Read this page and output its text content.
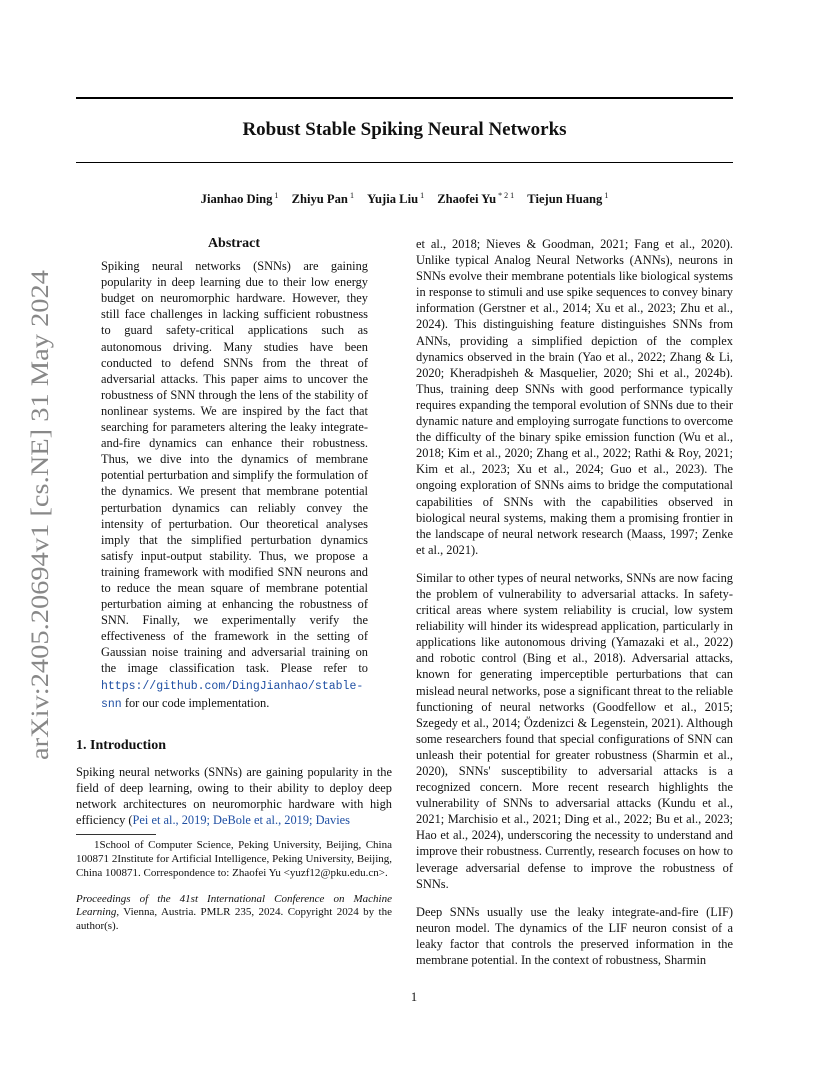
arXiv:2405.20694v1 [cs.NE] 31 May 2024
Robust Stable Spiking Neural Networks
Jianhao Ding $^1$ Zhiyu Pan $^1$ Yujia Liu $^1$ Zhaofei Yu $^{* 2 1}$ Tiejun Huang $^1$
Abstract

Spiking neural networks (SNNs) are gaining popularity in deep learning due to their low energy budget on neuromorphic hardware. However, they still face challenges in lacking sufficient robustness to guard safety-critical applications such as autonomous driving. Many studies have been conducted to defend SNNs from the threat of adversarial attacks. This paper aims to uncover the robustness of SNN through the lens of the stability of nonlinear systems. We are inspired by the fact that searching for parameters altering the leaky integrate-and-fire dynamics can enhance their robustness. Thus, we dive into the dynamics of membrane potential perturbation and simplify the formulation of the dynamics. We present that membrane potential perturbation dynamics can reliably convey the intensity of perturbation. Our theoretical analyses imply that the simplified perturbation dynamics satisfy input-output stability. Thus, we propose a training framework with modified SNN neurons and to reduce the mean square of membrane potential perturbation aiming at enhancing the robustness of SNN. Finally, we experimentally verify the effectiveness of the framework in the setting of Gaussian noise training and adversarial training on the image classification task. Please refer to https://github.com/DingJianhao/stable-snn for our code implementation.

1. Introduction

Spiking neural networks (SNNs) are gaining popularity in the field of deep learning, owing to their ability to deploy deep network architectures on neuromorphic hardware with high efficiency (Pei et al., 2019; DeBole et al., 2019; Davies

1School of Computer Science, Peking University, Beijing, China 100871 2Institute for Artificial Intelligence, Peking University, Beijing, China 100871. Correspondence to: Zhaofei Yu <yuzf12@pku.edu.cn>.

Proceedings of the 41st International Conference on Machine Learning, Vienna, Austria. PMLR 235, 2024. Copyright 2024 by the author(s).

et al., 2018; Nieves & Goodman, 2021; Fang et al., 2020). Unlike typical Analog Neural Networks (ANNs), neurons in SNNs evolve their membrane potentials like biological systems in response to stimuli and use spike sequences to convey binary information (Gerstner et al., 2014; Xu et al., 2023; Zhu et al., 2024). This distinguishing feature distinguishes SNNs from ANNs, providing a simplified depiction of the complex dynamics observed in the brain (Yao et al., 2022; Zhang & Li, 2020; Kheradpisheh & Masquelier, 2020; Shi et al., 2024b). Thus, training deep SNNs with good performance typically requires expanding the temporal evolution of SNNs due to their dynamic nature and employing surrogate functions to overcome the difficulty of the binary spike emission function (Wu et al., 2018; Kim et al., 2020; Zhang et al., 2022; Rathi & Roy, 2021; Kim et al., 2023; Xu et al., 2024; Guo et al., 2023). The ongoing exploration of SNNs aims to bridge the computational capabilities of SNNs with the capabilities observed in biological neural systems, making them a promising frontier in the landscape of neural network research (Maass, 1997; Zenke et al., 2021).

Similar to other types of neural networks, SNNs are now facing the problem of vulnerability to adversarial attacks. In safety-critical areas where system reliability is crucial, low system reliability will hinder its widespread application, particularly in applications like autonomous driving (Yamazaki et al., 2022) and robotic control (Bing et al., 2018). Adversarial attacks, known for generating imperceptible perturbations that can mislead neural networks, pose a significant threat to the reliable functioning of neural networks (Goodfellow et al., 2015; Szegedy et al., 2014; Özdenizci & Legenstein, 2021). Although some researchers found that special configurations of SNN can unleash their potential for greater robustness (Sharmin et al., 2020), SNNs' susceptibility to adversarial attacks is a recognized concern. More recent research highlights the vulnerability of SNNs to adversarial attacks (Kundu et al., 2021; Marchisio et al., 2021; Ding et al., 2022; Bu et al., 2023; Hao et al., 2024), underscoring the necessity to understand and improve their robustness. Currently, research focuses on how to leverage adversarial defense to improve the robustness of SNNs.

Deep SNNs usually use the leaky integrate-and-fire (LIF) neuron model. The dynamics of the LIF neuron consist of a leaky factor that controls the preserved information in the membrane potential. In the context of robustness, Sharmin

1
